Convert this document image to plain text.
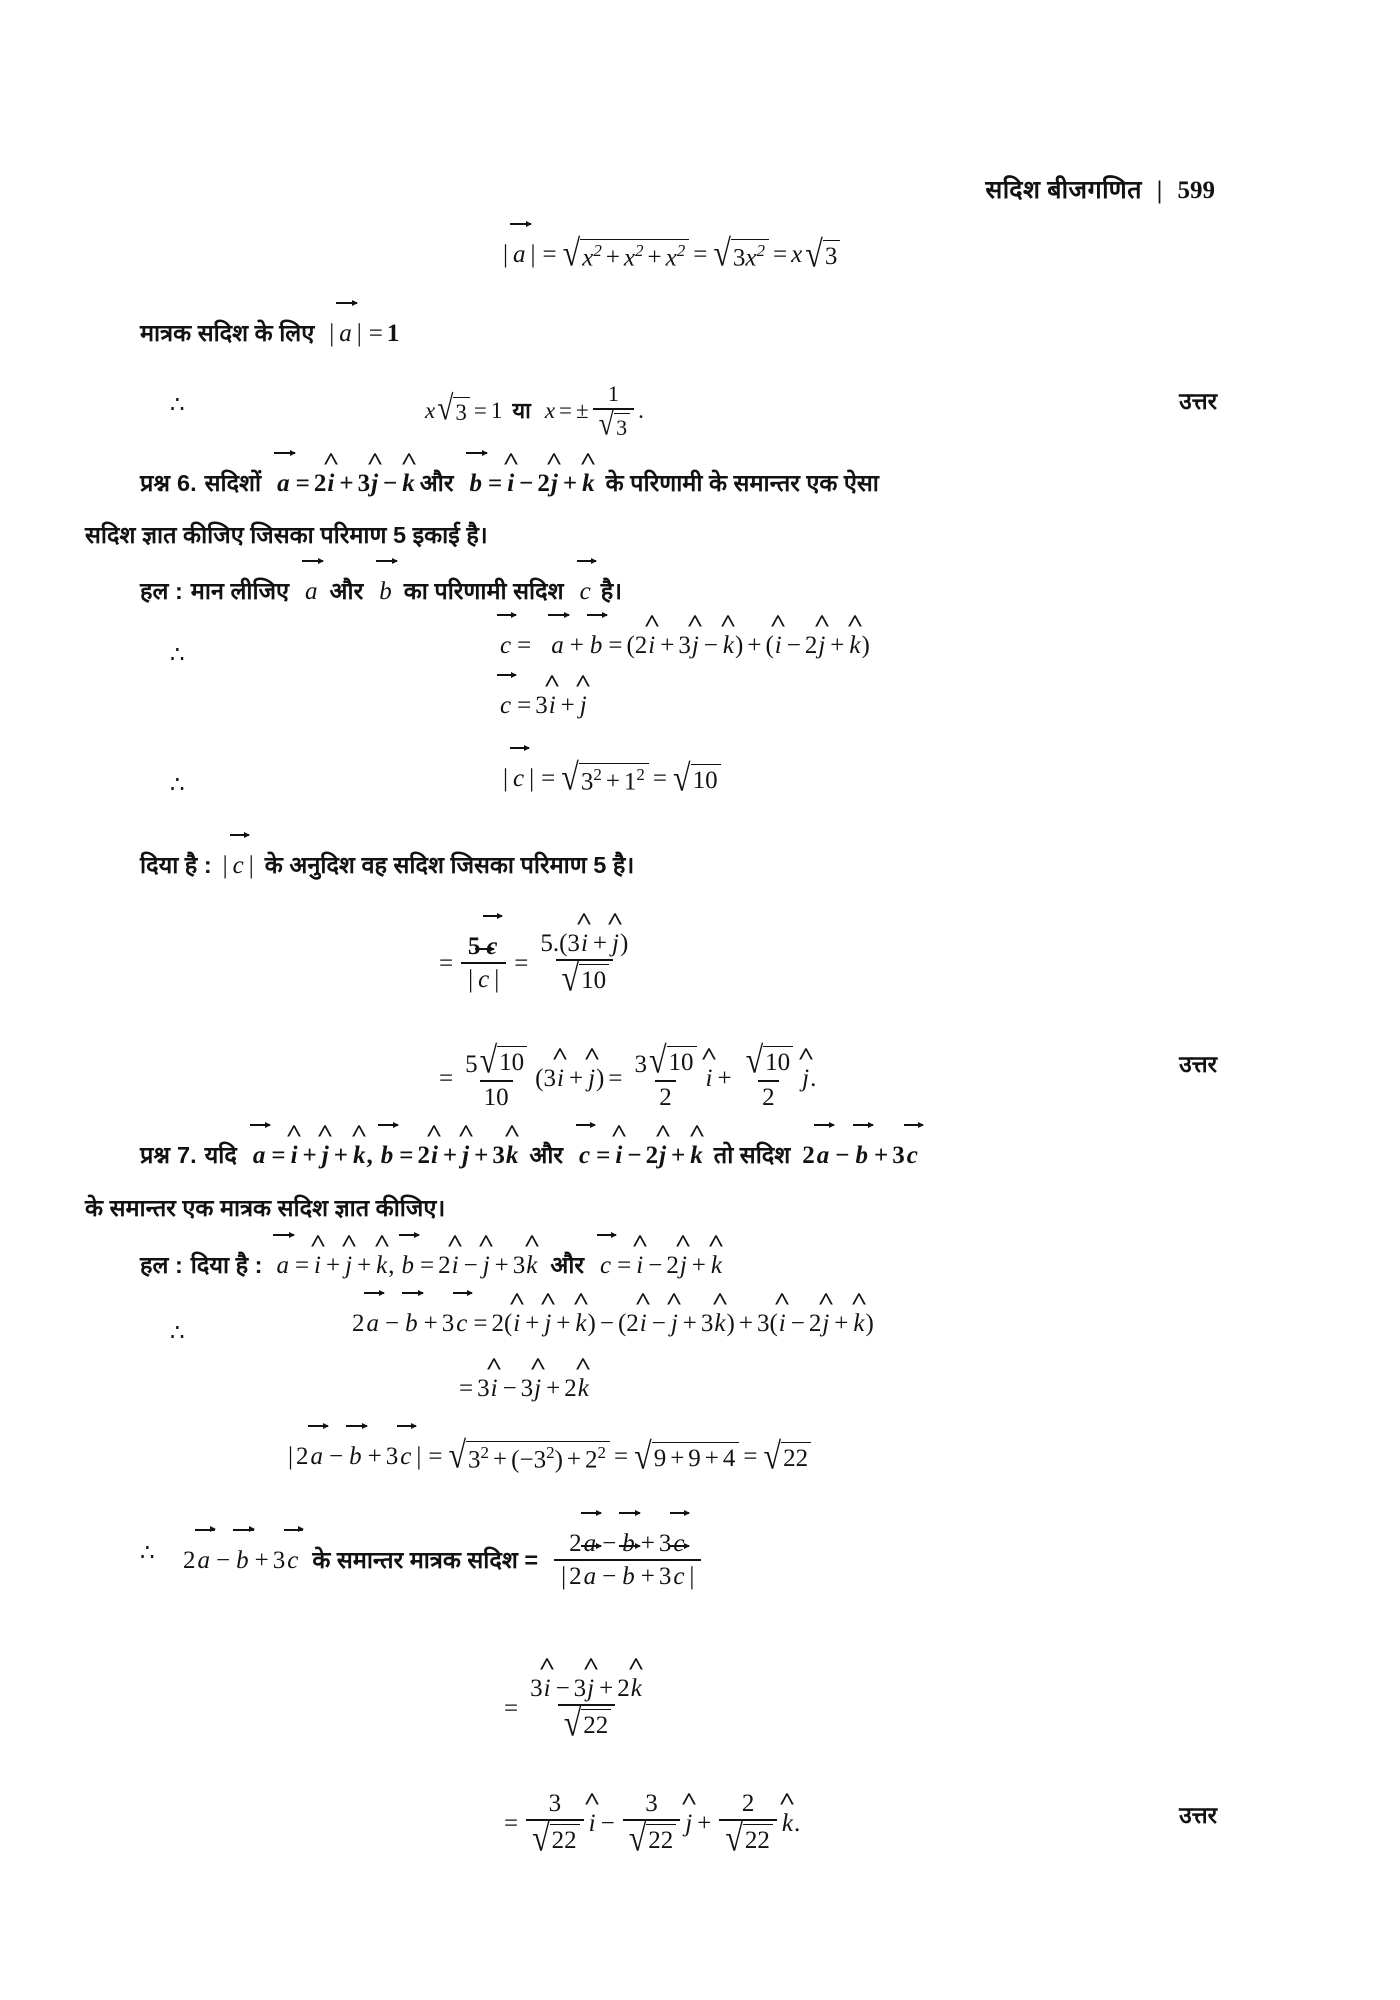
सदिश बीजगणित | 599
| a | = √ $x^2 + x^2 + x^2$ = √ $3x^2 = x$ √ 3
मात्रक सदिश के लिए | a | = 1
∴	x √ 3 = 1 या x = ± $\frac{1}{√ 3}$ .	उत्तर
प्रश्न 6. सदिशों a = 2 i ^ + 3 j ^ − k ^ और b = i ^ − 2 j ^ + k ^ के परिणामी के समान्तर एक ऐसा
सदिश ज्ञात कीजिए जिसका परिमाण 5 इकाई है।
हल : मान लीजिए a और b का परिणामी सदिश c है।
∴	c = a + b = ( 2 i ^ + 3 j ^ − k ^ ) + ( i ^ − 2 j ^ + k ^ )
c = 3 i ^ + j ^
∴	| c | = √ $3^2 + 1^2$ = √ 10
दिया है : | c | के अनुदिश वह सदिश जिसका परिमाण 5 है।
= $\frac{5 c}{| c |} = \frac{5.(3i \^{} + j \^{})}{√ 10}$
= $\frac{5 √ 10}{10} (3$ i ^ + j ^ ) = $\frac{3 √ 10}{2}$ i ^ + $\frac{√ 10}{2}$ j ^ .
उत्तर
प्रश्न 7. यदि a = i ^ + j ^ + k ^ , b = 2 i ^ + j ^ + 3 k ^ और c = i ^ − 2 j ^ + k ^ तो सदिश 2 a − b + 3 c
के समान्तर एक मात्रक सदिश ज्ञात कीजिए।
हल : दिया है : a = i ^ + j ^ + k ^ , b = 2 i ^ − j ^ + 3 k ^ और c = i ^ − 2 j ^ + k ^
∴	2 a − b + 3 c = 2( i ^ + j ^ + k ^ ) − (2 i ^ − j ^ + 3 k ^ ) + 3( i ^ − 2 j ^ + k ^ )
= 3 i ^ − 3 j ^ + 2 k ^
| 2 a − b + 3 c | = √ $3^2 + (-3^2) + 2^2$ = √ 9 + 9 + 4 = √ 22
∴ 2 a − b + 3 c के समान्तर मात्रक सदिश = $\frac{2a - b + 3c}{| 2a - b + 3c |}$
= $\frac{3i \^{} - 3j \^{} + 2k \^{}}{√ 22}$
= $\frac{3}{√ 22}$ i ^ − $\frac{3}{√ 22}$ j ^ + $\frac{2}{√ 22}$ k ^ .	उत्तर
